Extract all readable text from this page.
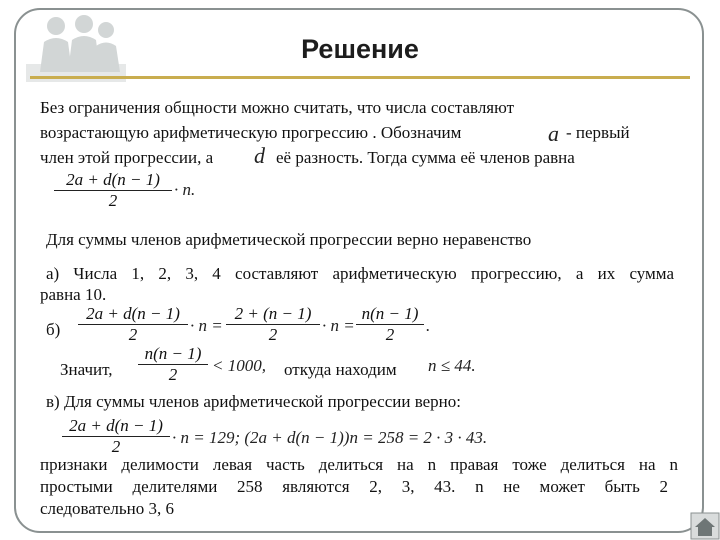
Решение
Без ограничения общности можно считать, что числа составляют
возрастающую арифметическую прогрессию . Обозначим	a - первый
член этой прогрессии, а d её разность. Тогда сумма её членов равна
$\frac{2a + d(n - 1)}{2} \cdot n$.
Для суммы членов арифметической прогрессии верно неравенство
а) Числа 1, 2, 3, 4 составляют арифметическую прогрессию, а их сумма
равна 10.
$б) \frac{2a + d(n - 1)}{2} \cdot n = \frac{2 + (n - 1)}{2} \cdot n = \frac{n(n - 1)}{2}$ .
Значит, $\frac{n(n - 1)}{2} < 1000$, откуда находим n ≤ 44.
в) Для суммы членов арифметической прогрессии верно:
$\frac{2a + d(n - 1)}{2} \cdot n = 129$; (2a + d(n − 1))n = 258 = 2 · 3 · 43.
признаки делимости левая часть делиться на n правая тоже делиться на n
простыми делителями 258 являются 2, 3, 43. n не может быть 2
следовательно 3, 6
